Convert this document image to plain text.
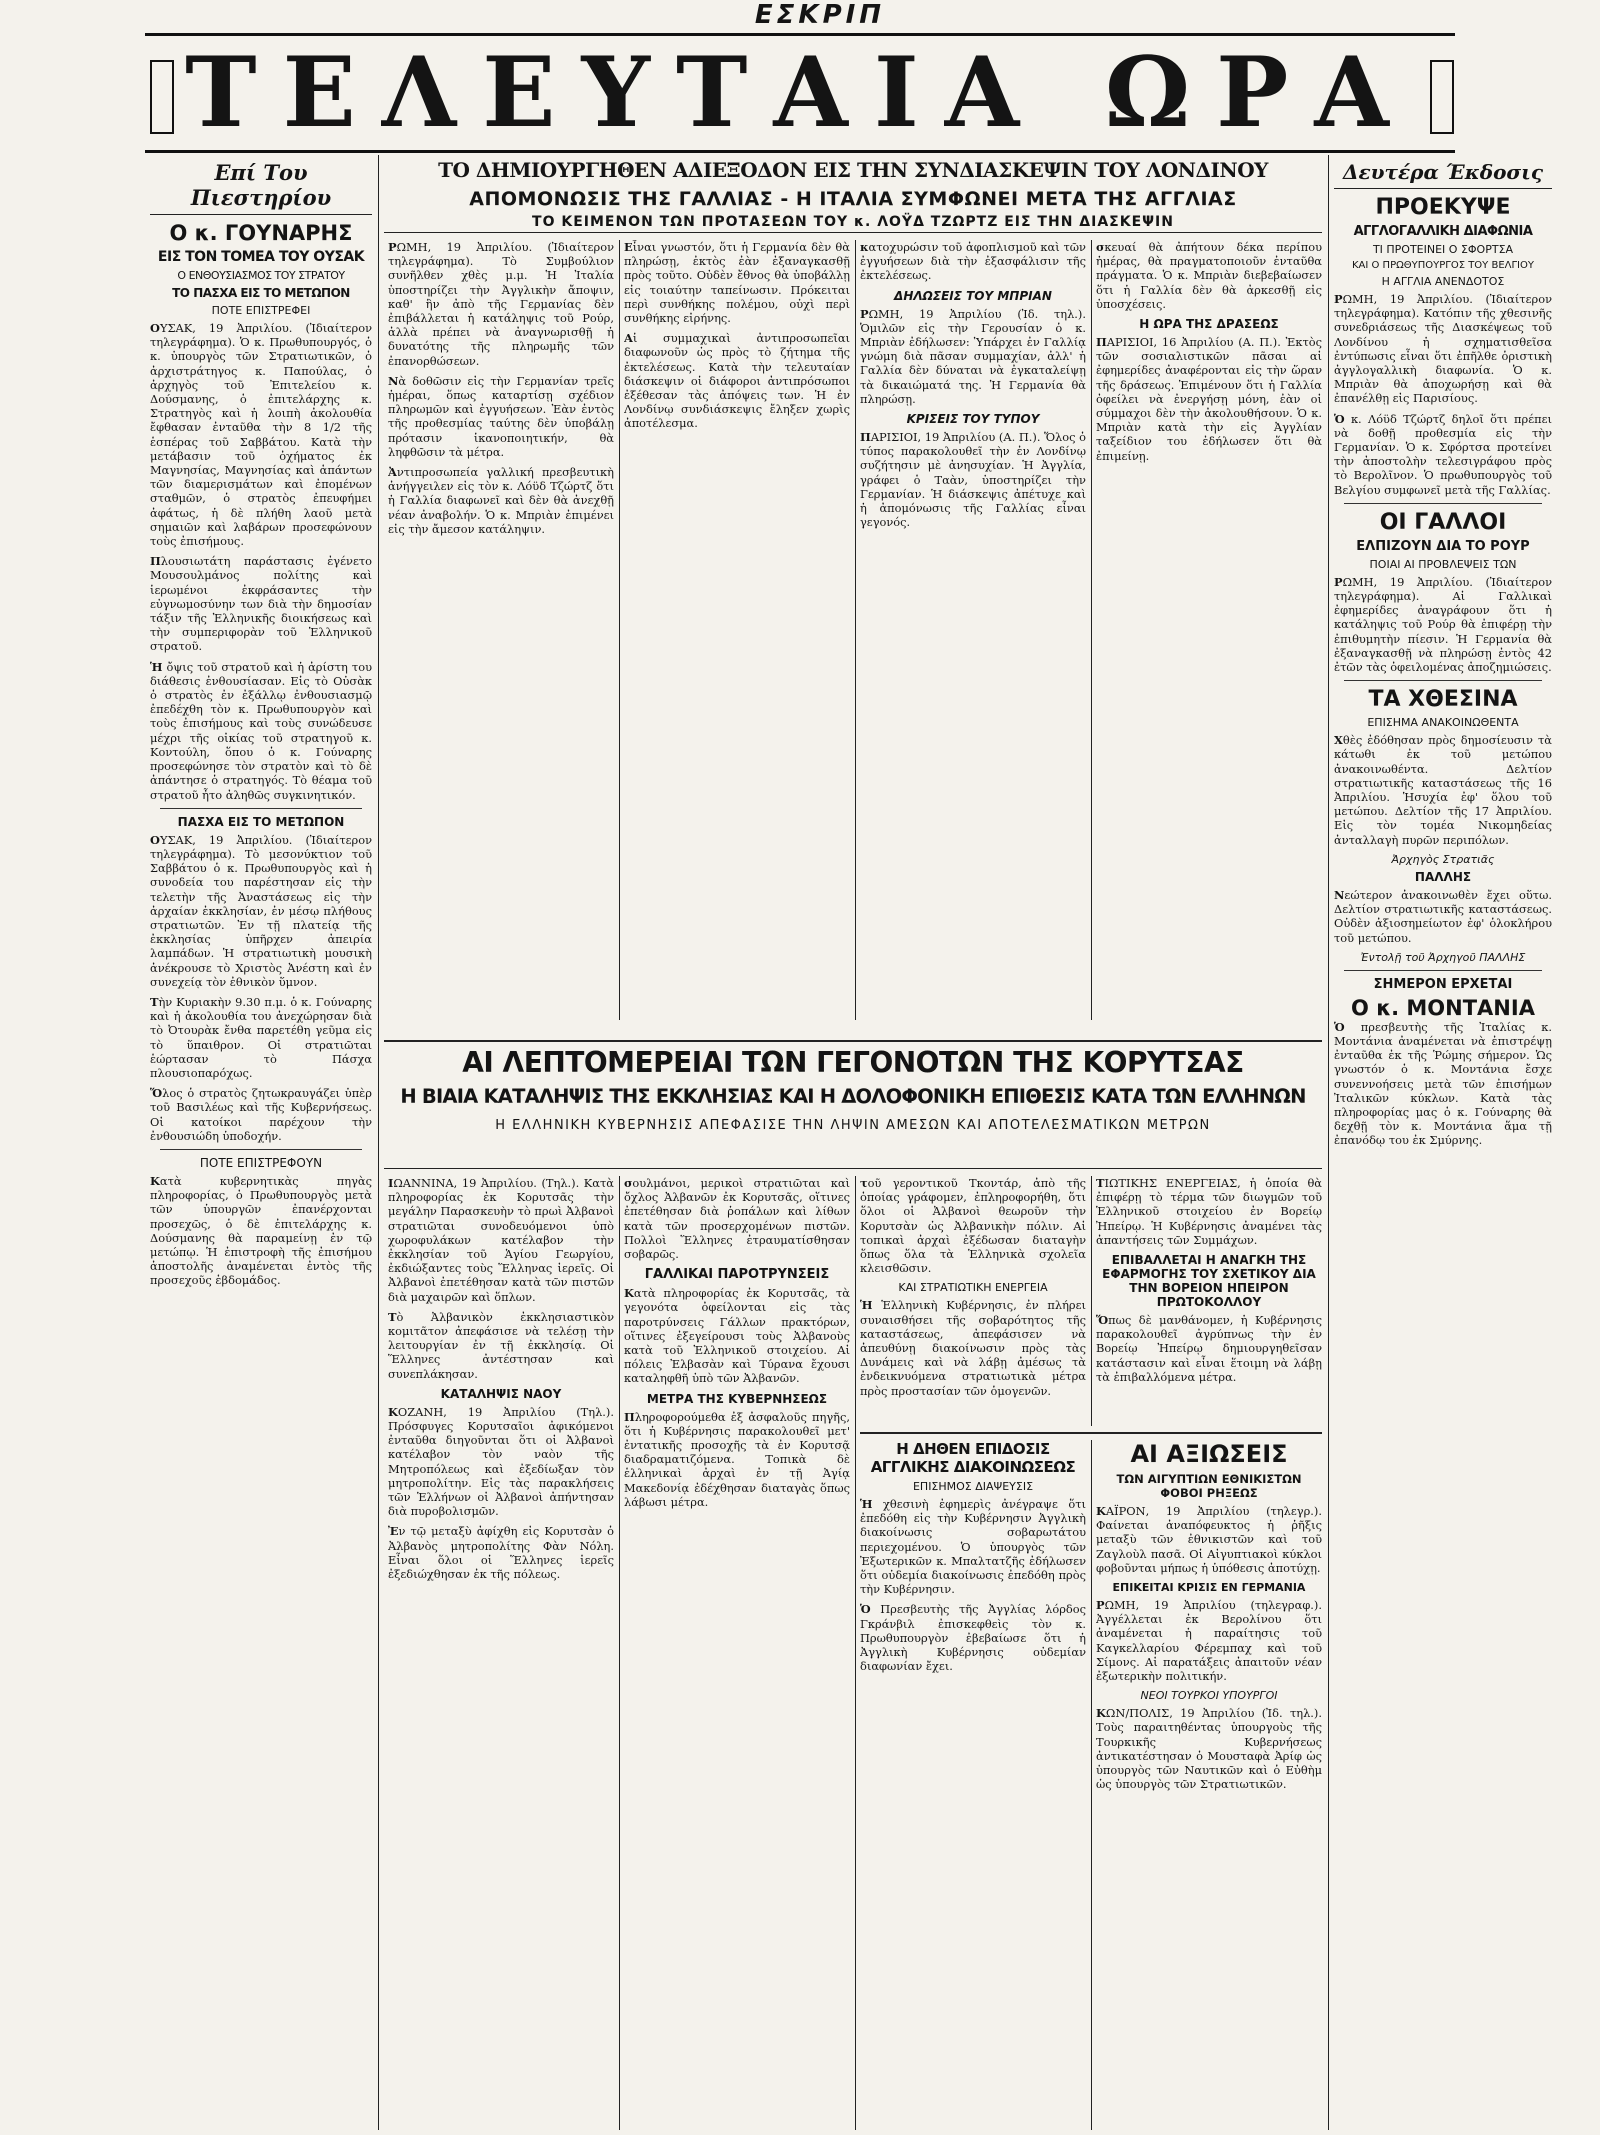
ΕΣΚΡΙΠ
ΤΕΛΕΥΤΑΙΑ ΩΡΑ
Επί Του Πιεστηρίου
Ο κ. ΓΟΥΝΑΡΗΣ
ΕΙΣ ΤΟΝ ΤΟΜΕΑ ΤΟΥ ΟΥΣΑΚ
Ο ΕΝΘΟΥΣΙΑΣΜΟΣ ΤΟΥ ΣΤΡΑΤΟΥ
ΤΟ ΠΑΣΧΑ ΕΙΣ ΤΟ ΜΕΤΩΠΟΝ
ΠΟΤΕ ΕΠΙΣΤΡΕΦΕΙ

ΟΥΣΑΚ, 19 Ἀπριλίου. (Ἰδιαίτερον τηλεγράφημα). Ὁ κ. Πρωθυπουργός, ὁ κ. ὑπουργὸς τῶν Στρατιωτικῶν, ὁ ἀρχιστράτηγος κ. Παπούλας, ὁ ἀρχηγὸς τοῦ Ἐπιτελείου κ. Δούσμανης, ὁ ἐπιτελάρχης κ. Στρατηγὸς καὶ ἡ λοιπὴ ἀκολουθία ἔφθασαν ἐνταῦθα τὴν 8 1/2 τῆς ἑσπέρας τοῦ Σαββάτου. Κατὰ τὴν μετάβασιν τοῦ ὀχήματος ἐκ Μαγνησίας, Μαγνησίας καὶ ἁπάντων τῶν διαμερισμάτων καὶ ἐπομένων σταθμῶν, ὁ στρατὸς ἐπευφήμει ἀφάτως, ἡ δὲ πλήθη λαοῦ μετὰ σημαιῶν καὶ λαβάρων προσεφώνουν τοὺς ἐπισήμους.

Πλουσιωτάτη παράστασις ἐγένετο Μουσουλμάνος πολίτης καὶ ἱερωμένοι ἐκφράσαντες τὴν εὐγνωμοσύνην των διὰ τὴν δημοσίαν τάξιν τῆς Ἑλληνικῆς διοικήσεως καὶ τὴν συμπεριφορὰν τοῦ Ἑλληνικοῦ στρατοῦ.

Ἡ ὄψις τοῦ στρατοῦ καὶ ἡ ἀρίστη του διάθεσις ἐνθουσίασαν. Εἰς τὸ Οὐσὰκ ὁ στρατὸς ἐν ἐξάλλῳ ἐνθουσιασμῷ ἐπεδέχθη τὸν κ. Πρωθυπουργὸν καὶ τοὺς ἐπισήμους καὶ τοὺς συνώδευσε μέχρι τῆς οἰκίας τοῦ στρατηγοῦ κ. Κοντούλη, ὅπου ὁ κ. Γούναρης προσεφώνησε τὸν στρατὸν καὶ τὸ δὲ ἀπάντησε ὁ στρατηγός. Τὸ θέαμα τοῦ στρατοῦ ἦτο ἀληθῶς συγκινητικόν.

ΠΑΣΧΑ ΕΙΣ ΤΟ ΜΕΤΩΠΟΝ

ΟΥΣΑΚ, 19 Ἀπριλίου. (Ἰδιαίτερον τηλεγράφημα). Τὸ μεσονύκτιον τοῦ Σαββάτου ὁ κ. Πρωθυπουργὸς καὶ ἡ συνοδεία του παρέστησαν εἰς τὴν τελετὴν τῆς Ἀναστάσεως εἰς τὴν ἀρχαίαν ἐκκλησίαν, ἐν μέσῳ πλήθους στρατιωτῶν. Ἐν τῇ πλατείᾳ τῆς ἐκκλησίας ὑπῆρχεν ἀπειρία λαμπάδων. Ἡ στρατιωτικὴ μουσικὴ ἀνέκρουσε τὸ Χριστὸς Ἀνέστη καὶ ἐν συνεχείᾳ τὸν ἐθνικὸν ὕμνον.

Τὴν Κυριακὴν 9.30 π.μ. ὁ κ. Γούναρης καὶ ἡ ἀκολουθία του ἀνεχώρησαν διὰ τὸ Ὀτουρὰκ ἔνθα παρετέθη γεῦμα εἰς τὸ ὕπαιθρον. Οἱ στρατιῶται ἑώρτασαν τὸ Πάσχα πλουσιοπαρόχως.

Ὅλος ὁ στρατὸς ζητωκραυγάζει ὑπὲρ τοῦ Βασιλέως καὶ τῆς Κυβερνήσεως. Οἱ κατοίκοι παρέχουν τὴν ἐνθουσιώδη ὑποδοχήν.

ΠΟΤΕ ΕΠΙΣΤΡΕΦΟΥΝ

Κατὰ κυβερνητικὰς πηγὰς πληροφορίας, ὁ Πρωθυπουργὸς μετὰ τῶν ὑπουργῶν ἐπανέρχονται προσεχῶς, ὁ δὲ ἐπιτελάρχης κ. Δούσμανης θὰ παραμείνῃ ἐν τῷ μετώπῳ. Ἡ ἐπιστροφὴ τῆς ἐπισήμου ἀποστολῆς ἀναμένεται ἐντὸς τῆς προσεχοῦς ἑβδομάδος.

ΤΟ ΔΗΜΙΟΥΡΓΗΘΕΝ ΑΔΙΕΞΟΔΟΝ ΕΙΣ ΤΗΝ ΣΥΝΔΙΑΣΚΕΨΙΝ ΤΟΥ ΛΟΝΔΙΝΟΥ
ΑΠΟΜΟΝΩΣΙΣ ΤΗΣ ΓΑΛΛΙΑΣ - Η ΙΤΑΛΙΑ ΣΥΜΦΩΝΕΙ ΜΕΤΑ ΤΗΣ ΑΓΓΛΙΑΣ
ΤΟ ΚΕΙΜΕΝΟΝ ΤΩΝ ΠΡΟΤΑΣΕΩΝ ΤΟΥ κ. ΛΟΫΔ ΤΖΩΡΤΖ ΕΙΣ ΤΗΝ ΔΙΑΣΚΕΨΙΝ

ΡΩΜΗ, 19 Ἀπριλίου. (Ἰδιαίτερον τηλεγράφημα). Τὸ Συμβούλιον συνῆλθεν χθὲς μ.μ. Ἡ Ἰταλία ὑποστηρίζει τὴν Ἀγγλικὴν ἄποψιν, καθ' ἣν ἀπὸ τῆς Γερμανίας δὲν ἐπιβάλλεται ἡ κατάληψις τοῦ Ρούρ, ἀλλὰ πρέπει νὰ ἀναγνωρισθῇ ἡ δυνατότης τῆς πληρωμῆς τῶν ἐπανορθώσεων.

Νὰ δοθῶσιν εἰς τὴν Γερμανίαν τρεῖς ἡμέραι, ὅπως καταρτίσῃ σχέδιον πληρωμῶν καὶ ἐγγυήσεων. Ἐὰν ἐντὸς τῆς προθεσμίας ταύτης δὲν ὑποβάλῃ πρότασιν ἱκανοποιητικήν, θὰ ληφθῶσιν τὰ μέτρα.

Ἀντιπροσωπεία γαλλική πρεσβευτικὴ ἀνήγγειλεν εἰς τὸν κ. Λόϋδ Τζώρτζ ὅτι ἡ Γαλλία διαφωνεῖ καὶ δὲν θὰ ἀνεχθῇ νέαν ἀναβολήν. Ὁ κ. Μπριὰν ἐπιμένει εἰς τὴν ἄμεσον κατάληψιν.

Εἶναι γνωστόν, ὅτι ἡ Γερμανία δὲν θὰ πληρώσῃ, ἐκτὸς ἐὰν ἐξαναγκασθῇ πρὸς τοῦτο. Οὐδὲν ἔθνος θὰ ὑποβάλλῃ εἰς τοιαύτην ταπείνωσιν. Πρόκειται περὶ συνθήκης πολέμου, οὐχὶ περὶ συνθήκης εἰρήνης.

Αἱ συμμαχικαὶ ἀντιπροσωπεῖαι διαφωνοῦν ὡς πρὸς τὸ ζήτημα τῆς ἐκτελέσεως. Κατὰ τὴν τελευταίαν διάσκεψιν οἱ διάφοροι ἀντιπρόσωποι ἐξέθεσαν τὰς ἀπόψεις των. Ἡ ἐν Λονδίνῳ συνδιάσκεψις ἔληξεν χωρὶς ἀποτέλεσμα.

κατοχυρώσιν τοῦ ἀφοπλισμοῦ καὶ τῶν ἐγγυήσεων διὰ τὴν ἐξασφάλισιν τῆς ἐκτελέσεως.

ΔΗΛΩΣΕΙΣ ΤΟΥ ΜΠΡΙΑΝ

ΡΩΜΗ, 19 Ἀπριλίου (Ἰδ. τηλ.). Ὁμιλῶν εἰς τὴν Γερουσίαν ὁ κ. Μπριὰν ἐδήλωσεν: Ὑπάρχει ἐν Γαλλίᾳ γνώμη διὰ πᾶσαν συμμαχίαν, ἀλλ' ἡ Γαλλία δὲν δύναται νὰ ἐγκαταλείψῃ τὰ δικαιώματά της. Ἡ Γερμανία θὰ πληρώσῃ.

ΚΡΙΣΕΙΣ ΤΟΥ ΤΥΠΟΥ

ΠΑΡΙΣΙΟΙ, 19 Ἀπριλίου (Α. Π.). Ὅλος ὁ τύπος παρακολουθεῖ τὴν ἐν Λονδίνῳ συζήτησιν μὲ ἀνησυχίαν. Ἡ Ἀγγλία, γράφει ὁ Ταὰν, ὑποστηρίζει τὴν Γερμανίαν. Ἡ διάσκεψις ἀπέτυχε καὶ ἡ ἀπομόνωσις τῆς Γαλλίας εἶναι γεγονός.

σκευαί θὰ ἀπήτουν δέκα περίπου ἡμέρας, θὰ πραγματοποιοῦν ἐνταῦθα πράγματα. Ὁ κ. Μπριὰν διεβεβαίωσεν ὅτι ἡ Γαλλία δὲν θὰ ἀρκεσθῇ εἰς ὑποσχέσεις.

Η ΩΡΑ ΤΗΣ ΔΡΑΣΕΩΣ

ΠΑΡΙΣΙΟΙ, 16 Ἀπριλίου (Α. Π.). Ἐκτὸς τῶν σοσιαλιστικῶν πᾶσαι αἱ ἐφημερίδες ἀναφέρονται εἰς τὴν ὥραν τῆς δράσεως. Ἐπιμένουν ὅτι ἡ Γαλλία ὀφείλει νὰ ἐνεργήσῃ μόνη, ἐὰν οἱ σύμμαχοι δὲν τὴν ἀκολουθήσουν. Ὁ κ. Μπριὰν κατὰ τὴν εἰς Ἀγγλίαν ταξείδιον του ἐδήλωσεν ὅτι θὰ ἐπιμείνῃ.

ΑΙ ΛΕΠΤΟΜΕΡΕΙΑΙ ΤΩΝ ΓΕΓΟΝΟΤΩΝ ΤΗΣ ΚΟΡΥΤΣΑΣ
Η ΒΙΑΙΑ ΚΑΤΑΛΗΨΙΣ ΤΗΣ ΕΚΚΛΗΣΙΑΣ ΚΑΙ Η ΔΟΛΟΦΟΝΙΚΗ ΕΠΙΘΕΣΙΣ ΚΑΤΑ ΤΩΝ ΕΛΛΗΝΩΝ
Η ΕΛΛΗΝΙΚΗ ΚΥΒΕΡΝΗΣΙΣ ΑΠΕΦΑΣΙΣΕ ΤΗΝ ΛΗΨΙΝ ΑΜΕΣΩΝ ΚΑΙ ΑΠΟΤΕΛΕΣΜΑΤΙΚΩΝ ΜΕΤΡΩΝ

ΙΩΑΝΝΙΝΑ, 19 Ἀπριλίου. (Τηλ.). Κατὰ πληροφορίας ἐκ Κορυτσᾶς τὴν μεγάλην Παρασκευὴν τὸ πρωὶ Ἀλβανοὶ στρατιῶται συνοδευόμενοι ὑπὸ χωροφυλάκων κατέλαβον τὴν ἐκκλησίαν τοῦ Ἁγίου Γεωργίου, ἐκδιώξαντες τοὺς Ἕλληνας ἱερεῖς. Οἱ Ἀλβανοὶ ἐπετέθησαν κατὰ τῶν πιστῶν διὰ μαχαιρῶν καὶ ὅπλων.

Τὸ Ἀλβανικὸν ἐκκλησιαστικὸν κομιτᾶτον ἀπεφάσισε νὰ τελέσῃ τὴν λειτουργίαν ἐν τῇ ἐκκλησίᾳ. Οἱ Ἕλληνες ἀντέστησαν καὶ συνεπλάκησαν.

ΚΑΤΑΛΗΨΙΣ ΝΑΟΥ

ΚΟΖΑΝΗ, 19 Ἀπριλίου (Τηλ.). Πρόσφυγες Κορυτσαῖοι ἀφικόμενοι ἐνταῦθα διηγοῦνται ὅτι οἱ Ἀλβανοὶ κατέλαβον τὸν ναὸν τῆς Μητροπόλεως καὶ ἐξεδίωξαν τὸν μητροπολίτην. Εἰς τὰς παρακλήσεις τῶν Ἑλλήνων οἱ Ἀλβανοὶ ἀπήντησαν διὰ πυροβολισμῶν.

Ἐν τῷ μεταξὺ ἀφίχθη εἰς Κορυτσὰν ὁ Ἀλβανὸς μητροπολίτης Φὰν Νόλη. Εἶναι ὅλοι οἱ Ἕλληνες ἱερεῖς ἐξεδιώχθησαν ἐκ τῆς πόλεως.

σουλμάνοι, μερικοὶ στρατιῶται καὶ ὄχλος Ἀλβανῶν ἐκ Κορυτσᾶς, οἵτινες ἐπετέθησαν διὰ ῥοπάλων καὶ λίθων κατὰ τῶν προσερχομένων πιστῶν. Πολλοὶ Ἕλληνες ἐτραυματίσθησαν σοβαρῶς.

ΓΑΛΛΙΚΑΙ ΠΑΡΟΤΡΥΝΣΕΙΣ

Κατὰ πληροφορίας ἐκ Κορυτσᾶς, τὰ γεγονότα ὀφείλονται εἰς τὰς παροτρύνσεις Γάλλων πρακτόρων, οἵτινες ἐξεγείρουσι τοὺς Ἀλβανοὺς κατὰ τοῦ Ἑλληνικοῦ στοιχείου. Αἱ πόλεις Ἐλβασὰν καὶ Τύρανα ἔχουσι καταληφθῆ ὑπὸ τῶν Ἀλβανῶν.

ΜΕΤΡΑ ΤΗΣ ΚΥΒΕΡΝΗΣΕΩΣ

Πληροφορούμεθα ἐξ ἀσφαλοῦς πηγῆς, ὅτι ἡ Κυβέρνησις παρακολουθεῖ μετ' ἐντατικῆς προσοχῆς τὰ ἐν Κορυτσᾷ διαδραματιζόμενα. Τοπικὰ δὲ ἑλληνικαὶ ἀρχαὶ ἐν τῇ Ἀγίᾳ Μακεδονίᾳ ἐδέχθησαν διαταγὰς ὅπως λάβωσι μέτρα.

τοῦ γεροντικοῦ Τκοντάρ, ἀπὸ τῆς ὁποίας γράφομεν, ἐπληροφορήθη, ὅτι ὅλοι οἱ Ἀλβανοὶ θεωροῦν τὴν Κορυτσὰν ὡς Ἀλβανικὴν πόλιν. Αἱ τοπικαὶ ἀρχαὶ ἐξέδωσαν διαταγὴν ὅπως ὅλα τὰ Ἑλληνικὰ σχολεῖα κλεισθῶσιν.

ΚΑΙ ΣΤΡΑΤΙΩΤΙΚΗ ΕΝΕΡΓΕΙΑ

Ἡ Ἑλληνικὴ Κυβέρνησις, ἐν πλήρει συναισθήσει τῆς σοβαρότητος τῆς καταστάσεως, ἀπεφάσισεν νὰ ἀπευθύνῃ διακοίνωσιν πρὸς τὰς Δυνάμεις καὶ νὰ λάβῃ ἀμέσως τὰ ἐνδεικνυόμενα στρατιωτικὰ μέτρα πρὸς προστασίαν τῶν ὁμογενῶν.

ΤΙΩΤΙΚΗΣ ΕΝΕΡΓΕΙΑΣ, ἡ ὁποία θὰ ἐπιφέρῃ τὸ τέρμα τῶν διωγμῶν τοῦ Ἑλληνικοῦ στοιχείου ἐν Βορείῳ Ἠπείρῳ. Ἡ Κυβέρνησις ἀναμένει τὰς ἀπαντήσεις τῶν Συμμάχων.

ΕΠΙΒΑΛΛΕΤΑΙ Η ΑΝΑΓΚΗ ΤΗΣ ΕΦΑΡΜΟΓΗΣ ΤΟΥ ΣΧΕΤΙΚΟΥ ΔΙΑ ΤΗΝ ΒΟΡΕΙΟΝ ΗΠΕΙΡΟΝ ΠΡΩΤΟΚΟΛΛΟΥ

Ὅπως δὲ μανθάνομεν, ἡ Κυβέρνησις παρακολουθεῖ ἀγρύπνως τὴν ἐν Βορείῳ Ἠπείρῳ δημιουργηθεῖσαν κατάστασιν καὶ εἶναι ἕτοιμη νὰ λάβῃ τὰ ἐπιβαλλόμενα μέτρα.

Η ΔΗΘΕΝ ΕΠΙΔΟΣΙΣ ΑΓΓΛΙΚΗΣ ΔΙΑΚΟΙΝΩΣΕΩΣ
ΕΠΙΣΗΜΟΣ ΔΙΑΨΕΥΣΙΣ

Ἡ χθεσινὴ ἐφημερὶς ἀνέγραψε ὅτι ἐπεδόθη εἰς τὴν Κυβέρνησιν Ἀγγλικὴ διακοίνωσις σοβαρωτάτου περιεχομένου. Ὁ ὑπουργὸς τῶν Ἐξωτερικῶν κ. Μπαλτατζῆς ἐδήλωσεν ὅτι οὐδεμία διακοίνωσις ἐπεδόθη πρὸς τὴν Κυβέρνησιν.

Ὁ Πρεσβευτὴς τῆς Ἀγγλίας λόρδος Γκράνβιλ ἐπισκεφθεὶς τὸν κ. Πρωθυπουργὸν ἐβεβαίωσε ὅτι ἡ Ἀγγλικὴ Κυβέρνησις οὐδεμίαν διαφωνίαν ἔχει.

ΑΙ ΑΞΙΩΣΕΙΣ
ΤΩΝ ΑΙΓΥΠΤΙΩΝ ΕΘΝΙΚΙΣΤΩΝ ΦΟΒΟΙ ΡΗΞΕΩΣ

ΚΑΪΡΟΝ, 19 Ἀπριλίου (τηλεγρ.). Φαίνεται ἀναπόφευκτος ἡ ῥῆξις μεταξὺ τῶν ἐθνικιστῶν καὶ τοῦ Ζαγλοὺλ πασᾶ. Οἱ Αἰγυπτιακοὶ κύκλοι φοβοῦνται μήπως ἡ ὑπόθεσις ἀποτύχῃ.

ΕΠΙΚΕΙΤΑΙ ΚΡΙΣΙΣ ΕΝ ΓΕΡΜΑΝΙΑ

ΡΩΜΗ, 19 Ἀπριλίου (τηλεγραφ.). Ἀγγέλλεται ἐκ Βερολίνου ὅτι ἀναμένεται ἡ παραίτησις τοῦ Καγκελλαρίου Φέρεμπαχ καὶ τοῦ Σίμονς. Αἱ παρατάξεις ἀπαιτοῦν νέαν ἐξωτερικὴν πολιτικήν.

ΝΕΟΙ ΤΟΥΡΚΟΙ ΥΠΟΥΡΓΟΙ

ΚΩΝ/ΠΟΛΙΣ, 19 Ἀπριλίου (Ἰδ. τηλ.). Τοὺς παραιτηθέντας ὑπουργοὺς τῆς Τουρκικῆς Κυβερνήσεως ἀντικατέστησαν ὁ Μουσταφὰ Ἀρίφ ὡς ὑπουργὸς τῶν Ναυτικῶν καὶ ὁ Εὐθὴμ ὡς ὑπουργὸς τῶν Στρατιωτικῶν.

Δευτέρα Έκδοσις
ΠΡΟΕΚΥΨΕ
ΑΓΓΛΟΓΑΛΛΙΚΗ ΔΙΑΦΩΝΙΑ
ΤΙ ΠΡΟΤΕΙΝΕΙ Ο ΣΦΟΡΤΣΑ
ΚΑΙ Ο ΠΡΩΘΥΠΟΥΡΓΟΣ ΤΟΥ ΒΕΛΓΙΟΥ
Η ΑΓΓΛΙΑ ΑΝΕΝΔΟΤΟΣ

ΡΩΜΗ, 19 Ἀπριλίου. (Ἰδιαίτερον τηλεγράφημα). Κατόπιν τῆς χθεσινῆς συνεδριάσεως τῆς Διασκέψεως τοῦ Λονδίνου ἡ σχηματισθεῖσα ἐντύπωσις εἶναι ὅτι ἐπῆλθε ὁριστικὴ ἀγγλογαλλικὴ διαφωνία. Ὁ κ. Μπριὰν θὰ ἀποχωρήσῃ καὶ θὰ ἐπανέλθῃ εἰς Παρισίους.

Ὁ κ. Λόϋδ Τζώρτζ δηλοῖ ὅτι πρέπει νὰ δοθῇ προθεσμία εἰς τὴν Γερμανίαν. Ὁ κ. Σφόρτσα προτείνει τὴν ἀποστολὴν τελεσιγράφου πρὸς τὸ Βερολῖνον. Ὁ πρωθυπουργὸς τοῦ Βελγίου συμφωνεῖ μετὰ τῆς Γαλλίας.

ΟΙ ΓΑΛΛΟΙ
ΕΛΠΙΖΟΥΝ ΔΙΑ ΤΟ ΡΟΥΡ
ΠΟΙΑΙ ΑΙ ΠΡΟΒΛΕΨΕΙΣ ΤΩΝ

ΡΩΜΗ, 19 Ἀπριλίου. (Ἰδιαίτερον τηλεγράφημα). Αἱ Γαλλικαὶ ἐφημερίδες ἀναγράφουν ὅτι ἡ κατάληψις τοῦ Ρούρ θὰ ἐπιφέρῃ τὴν ἐπιθυμητὴν πίεσιν. Ἡ Γερμανία θὰ ἐξαναγκασθῇ νὰ πληρώσῃ ἐντὸς 42 ἐτῶν τὰς ὀφειλομένας ἀποζημιώσεις.

ΤΑ ΧΘΕΣΙΝΑ
ΕΠΙΣΗΜΑ ΑΝΑΚΟΙΝΩΘΕΝΤΑ

Χθὲς ἐδόθησαν πρὸς δημοσίευσιν τὰ κάτωθι ἐκ τοῦ μετώπου ἀνακοινωθέντα. Δελτίον στρατιωτικῆς καταστάσεως τῆς 16 Ἀπριλίου. Ἡσυχία ἐφ' ὅλου τοῦ μετώπου. Δελτίον τῆς 17 Ἀπριλίου. Εἰς τὸν τομέα Νικομηδείας ἀνταλλαγὴ πυρῶν περιπόλων.

Ἀρχηγὸς Στρατιᾶς
ΠΑΛΛΗΣ

Νεώτερον ἀνακοινωθὲν ἔχει οὕτω. Δελτίον στρατιωτικῆς καταστάσεως. Οὐδὲν ἀξιοσημείωτον ἐφ' ὁλοκλήρου τοῦ μετώπου.

Ἐντολῇ τοῦ Ἀρχηγοῦ ΠΑΛΛΗΣ
ΣΗΜΕΡΟΝ ΕΡΧΕΤΑΙ
Ο κ. ΜΟΝΤΑΝΙΑ

Ὁ πρεσβευτὴς τῆς Ἰταλίας κ. Μοντάνια ἀναμένεται νὰ ἐπιστρέψῃ ἐνταῦθα ἐκ τῆς Ῥώμης σήμερον. Ὡς γνωστόν ὁ κ. Μοντάνια ἔσχε συνεννοήσεις μετὰ τῶν ἐπισήμων Ἰταλικῶν κύκλων. Κατὰ τὰς πληροφορίας μας ὁ κ. Γούναρης θὰ δεχθῇ τὸν κ. Μοντάνια ἅμα τῇ ἐπανόδῳ του ἐκ Σμύρνης.
